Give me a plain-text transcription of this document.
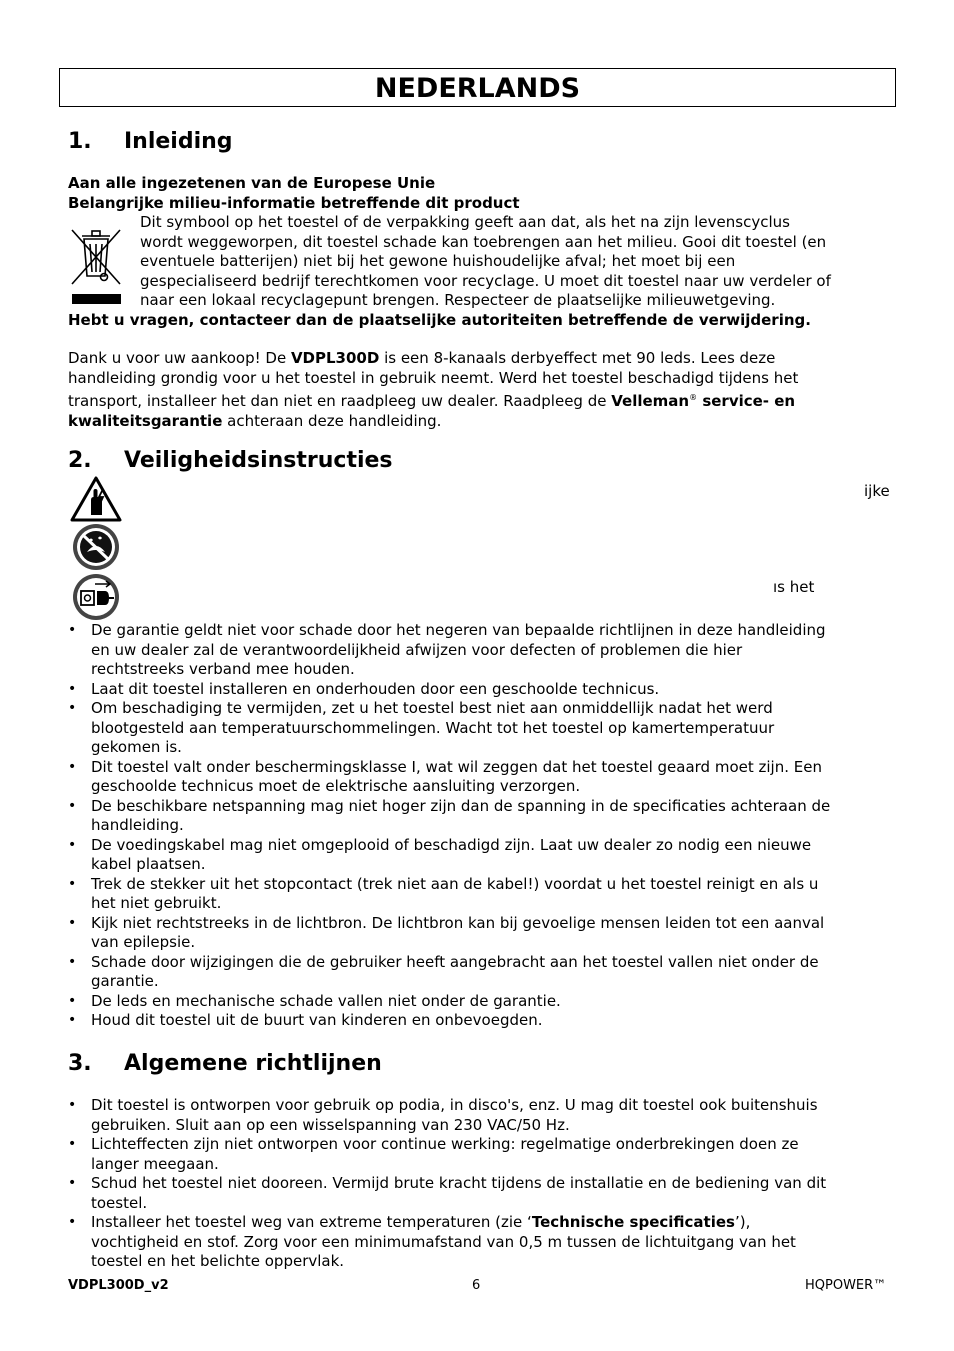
NEDERLANDS
1. Inleiding
Aan alle ingezetenen van de Europese Unie
Belangrijke milieu-informatie betreffende dit product
Dit symbool op het toestel of de verpakking geeft aan dat, als het na zijn levenscyclus
wordt weggeworpen, dit toestel schade kan toebrengen aan het milieu. Gooi dit toestel (en
eventuele batterijen) niet bij het gewone huishoudelijke afval; het moet bij een
gespecialiseerd bedrijf terechtkomen voor recyclage. U moet dit toestel naar uw verdeler of
naar een lokaal recyclagepunt brengen. Respecteer de plaatselijke milieuwetgeving.
Hebt u vragen, contacteer dan de plaatselijke autoriteiten betreffende de verwijdering.
Dank u voor uw aankoop! De VDPL300D is een 8-kanaals derbyeffect met 90 leds. Lees deze
handleiding grondig voor u het toestel in gebruik neemt. Werd het toestel beschadigd tijdens het
transport, installeer het dan niet en raadpleeg uw dealer. Raadpleeg de Velleman® service- en
kwaliteitsgarantie achteraan deze handleiding.
2. Veiligheidsinstructies
ijke
ıs het
• De garantie geldt niet voor schade door het negeren van bepaalde richtlijnen in deze handleiding
en uw dealer zal de verantwoordelijkheid afwijzen voor defecten of problemen die hier
rechtstreeks verband mee houden.
• Laat dit toestel installeren en onderhouden door een geschoolde technicus.
• Om beschadiging te vermijden, zet u het toestel best niet aan onmiddellijk nadat het werd
blootgesteld aan temperatuurschommelingen. Wacht tot het toestel op kamertemperatuur
gekomen is.
• Dit toestel valt onder beschermingsklasse I, wat wil zeggen dat het toestel geaard moet zijn. Een
geschoolde technicus moet de elektrische aansluiting verzorgen.
• De beschikbare netspanning mag niet hoger zijn dan de spanning in de specificaties achteraan de
handleiding.
• De voedingskabel mag niet omgeplooid of beschadigd zijn. Laat uw dealer zo nodig een nieuwe
kabel plaatsen.
• Trek de stekker uit het stopcontact (trek niet aan de kabel!) voordat u het toestel reinigt en als u
het niet gebruikt.
• Kijk niet rechtstreeks in de lichtbron. De lichtbron kan bij gevoelige mensen leiden tot een aanval
van epilepsie.
• Schade door wijzigingen die de gebruiker heeft aangebracht aan het toestel vallen niet onder de
garantie.
• De leds en mechanische schade vallen niet onder de garantie.
• Houd dit toestel uit de buurt van kinderen en onbevoegden.
3. Algemene richtlijnen
• Dit toestel is ontworpen voor gebruik op podia, in disco's, enz. U mag dit toestel ook buitenshuis
gebruiken. Sluit aan op een wisselspanning van 230 VAC/50 Hz.
• Lichteffecten zijn niet ontworpen voor continue werking: regelmatige onderbrekingen doen ze
langer meegaan.
• Schud het toestel niet dooreen. Vermijd brute kracht tijdens de installatie en de bediening van dit
toestel.
• Installeer het toestel weg van extreme temperaturen (zie ‘Technische specificaties’),
vochtigheid en stof. Zorg voor een minimumafstand van 0,5 m tussen de lichtuitgang van het
toestel en het belichte oppervlak.
VDPL300D_v2	6	HQPOWER™
